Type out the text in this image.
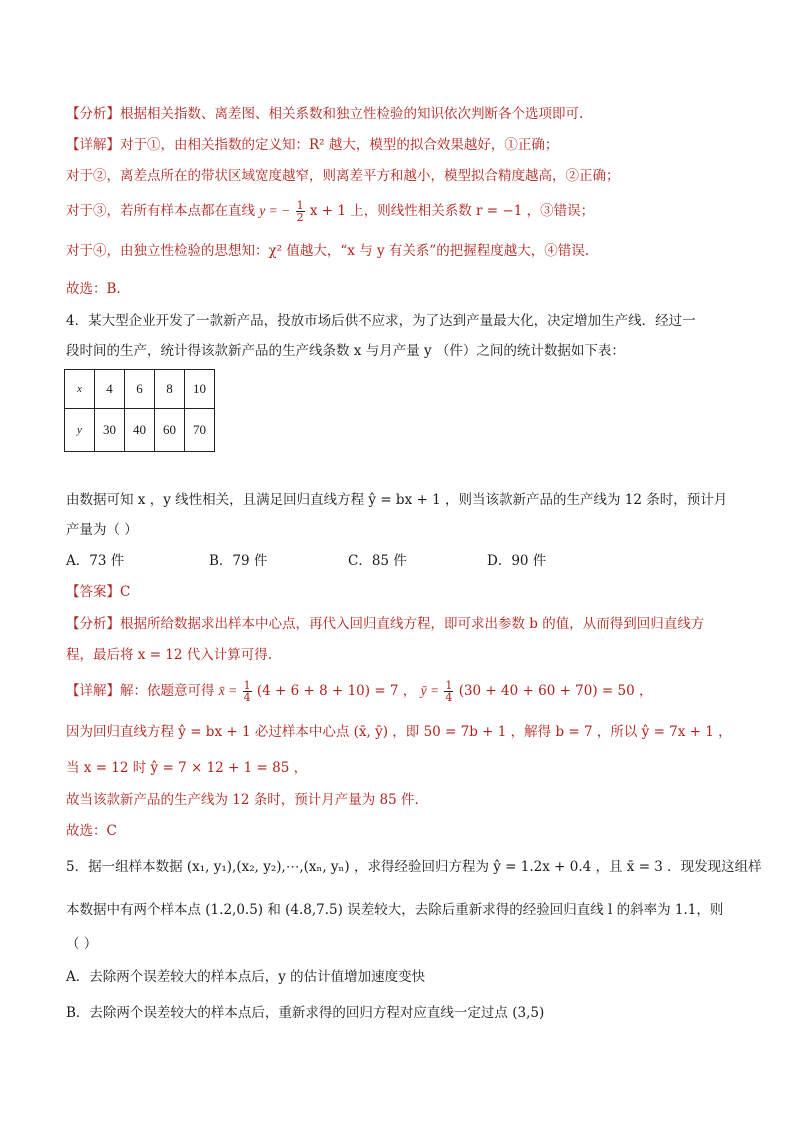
【分析】根据相关指数、离差图、相关系数和独立性检验的知识依次判断各个选项即可.
【详解】对于①，由相关指数的定义知：R² 越大，模型的拟合效果越好，①正确；
对于②，离差点所在的带状区域宽度越窄，则离差平方和越小，模型拟合精度越高，②正确；
对于③，若所有样本点都在直线 y = − $\frac{1}{2}$ x + 1 上，则线性相关系数 r = −1 ，③错误；
对于④，由独立性检验的思想知：χ² 值越大，“x 与 y 有关系”的把握程度越大，④错误.
故选：B.
4．某大型企业开发了一款新产品，投放市场后供不应求，为了达到产量最大化，决定增加生产线．经过一
段时间的生产，统计得该款新产品的生产线条数 x 与月产量 y （件）之间的统计数据如下表：
x	4	6	8	10
y	30	40	60	70
由数据可知 x ，y 线性相关，且满足回归直线方程 ŷ = bx + 1 ，则当该款新产品的生产线为 12 条时，预计月
产量为（ ）
A．73 件	B．79 件	C．85 件	D．90 件
【答案】C
【分析】根据所给数据求出样本中心点，再代入回归直线方程，即可求出参数 b 的值，从而得到回归直线方
程，最后将 x = 12 代入计算可得.
【详解】解：依题意可得 x̄ = $\frac{1}{4} (4 + 6 + 8 + 10) = 7$ ， ȳ = $\frac{1}{4} (30 + 40 + 60 + 70) = 50$ ，
因为回归直线方程 ŷ = bx + 1 必过样本中心点 (x̄, ȳ) ，即 50 = 7b + 1 ，解得 b = 7 ，所以 ŷ = 7x + 1 ，
当 x = 12 时 ŷ = 7 × 12 + 1 = 85 ，
故当该款新产品的生产线为 12 条时，预计月产量为 85 件.
故选：C
5．据一组样本数据 (x₁, y₁),(x₂, y₂),⋯,(xₙ, yₙ) ，求得经验回归方程为 ŷ = 1.2x + 0.4 ，且 x̄ = 3 ．现发现这组样
本数据中有两个样本点 (1.2,0.5) 和 (4.8,7.5) 误差较大，去除后重新求得的经验回归直线 l 的斜率为 1.1，则
（ ）
A．去除两个误差较大的样本点后，y 的估计值增加速度变快
B．去除两个误差较大的样本点后，重新求得的回归方程对应直线一定过点 (3,5)
